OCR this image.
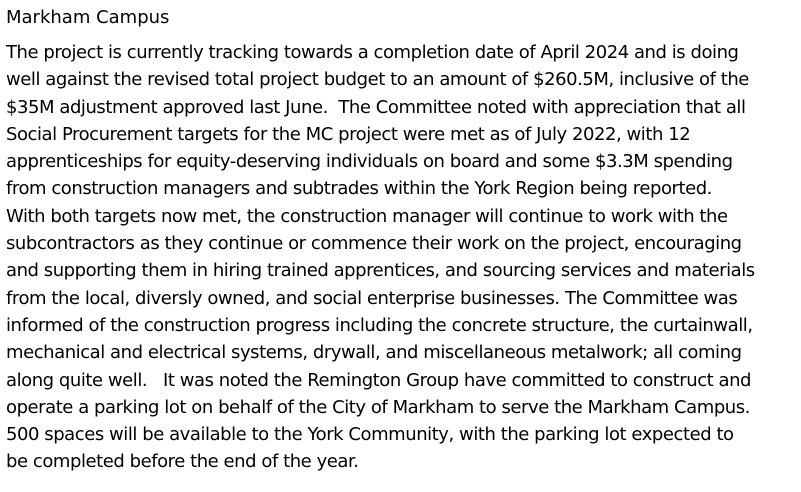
Markham Campus

The project is currently tracking towards a completion date of April 2024 and is doing
well against the revised total project budget to an amount of $260.5M, inclusive of the
$35M adjustment approved last June.  The Committee noted with appreciation that all
Social Procurement targets for the MC project were met as of July 2022, with 12
apprenticeships for equity-deserving individuals on board and some $3.3M spending
from construction managers and subtrades within the York Region being reported.
With both targets now met, the construction manager will continue to work with the
subcontractors as they continue or commence their work on the project, encouraging
and supporting them in hiring trained apprentices, and sourcing services and materials
from the local, diversly owned, and social enterprise businesses. The Committee was
informed of the construction progress including the concrete structure, the curtainwall,
mechanical and electrical systems, drywall, and miscellaneous metalwork; all coming
along quite well.   It was noted the Remington Group have committed to construct and
operate a parking lot on behalf of the City of Markham to serve the Markham Campus.
500 spaces will be available to the York Community, with the parking lot expected to
be completed before the end of the year.
